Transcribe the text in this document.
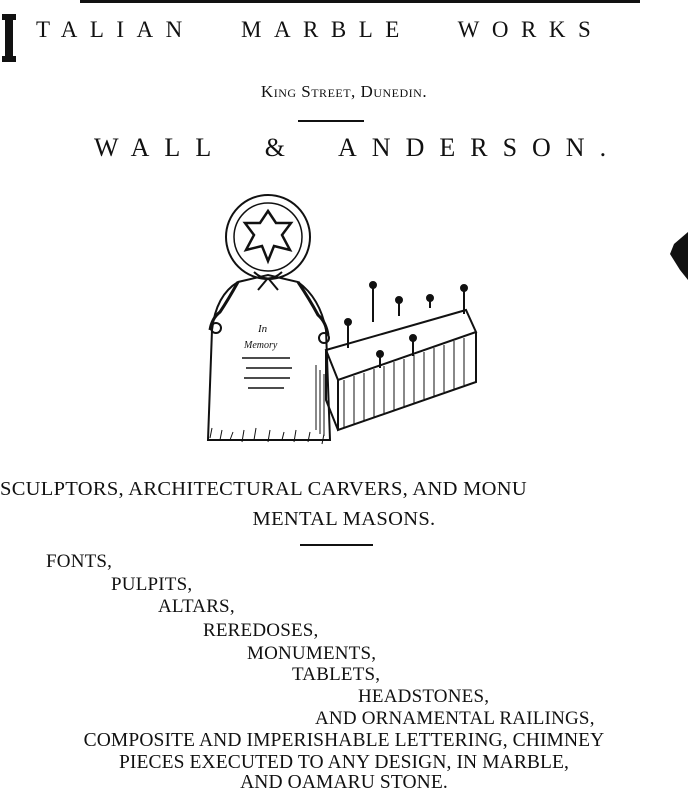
TALIAN MARBLE WORKS
King Street, Dunedin.
WALL & ANDERSON.
In
Memory
SCULPTORS, ARCHITECTURAL CARVERS, AND MONU
MENTAL MASONS.
FONTS,
PULPITS,
ALTARS,
REREDOSES,
MONUMENTS,
TABLETS,
HEADSTONES,
AND ORNAMENTAL RAILINGS,
COMPOSITE AND IMPERISHABLE LETTERING, CHIMNEY
PIECES EXECUTED TO ANY DESIGN, IN MARBLE,
AND OAMARU STONE.
